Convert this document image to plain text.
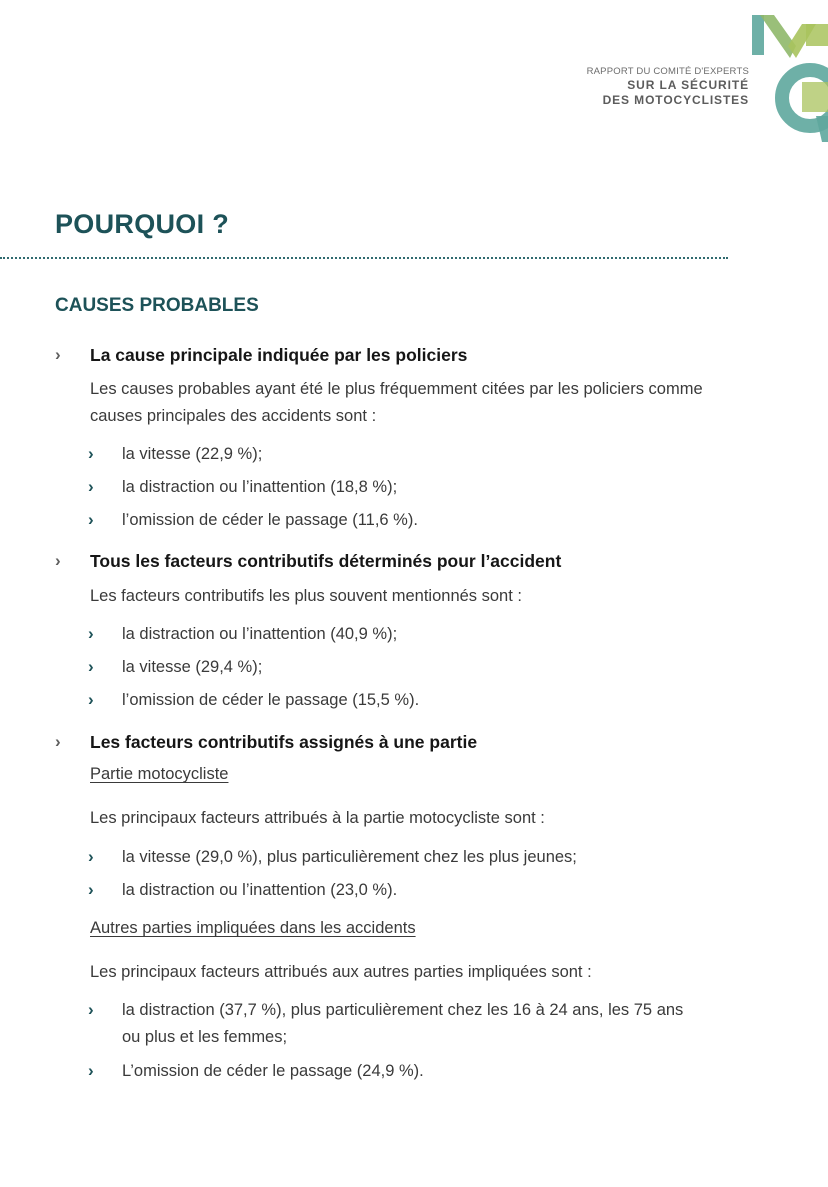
RAPPORT DU COMITÉ D'EXPERTS
SUR LA SÉCURITÉ
DES MOTOCYCLISTES
POURQUOI ?
CAUSES PROBABLES
› La cause principale indiquée par les policiers
Les causes probables ayant été le plus fréquemment citées par les policiers comme
causes principales des accidents sont :
› la vitesse (22,9 %);
› la distraction ou l’inattention (18,8 %);
› l’omission de céder le passage (11,6 %).
› Tous les facteurs contributifs déterminés pour l’accident
Les facteurs contributifs les plus souvent mentionnés sont :
› la distraction ou l’inattention (40,9 %);
› la vitesse (29,4 %);
› l’omission de céder le passage (15,5 %).
› Les facteurs contributifs assignés à une partie
Partie motocycliste
Les principaux facteurs attribués à la partie motocycliste sont :
› la vitesse (29,0 %), plus particulièrement chez les plus jeunes;
› la distraction ou l’inattention (23,0 %).
Autres parties impliquées dans les accidents
Les principaux facteurs attribués aux autres parties impliquées sont :
› la distraction (37,7 %), plus particulièrement chez les 16 à 24 ans, les 75 ans
ou plus et les femmes;
› L’omission de céder le passage (24,9 %).
